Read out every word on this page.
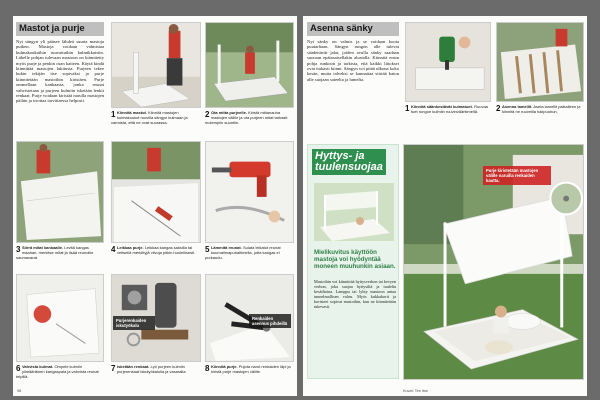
Mastot ja purje
Nyt sängyn yli pääsee lähdeä suuria mastoja putken. Mastoja voidaan valmistaa kulmakoukuihin ruuvattuihin kulmikkaisiin. Lähelle pohjan tulevaan mastoon on kiinnitetty myös purje ja penkin osan kaiteen. Käytä kindä kiinnittää mastojen lukitusta. Purjeen tekee kukin tekijän itse sopivaksi ja purje kiinnitetään mastoihin kiristäen. Purje ommellaan kankaasta, jonka reunat vahvistetaan ja purjeen kulmiin isketään lenkit renkaat. Purje voidaan kiristää narulla mastojen päihin ja irrottaa tarvittaessa helposti.
1 Kiinnitä mastot. Kiinnitä mastojen kulmakoukut ruuvilla sängyn kulmaan ja varmista, että ne ovat suorassa.
2 Ota mitta purjeelle. Kiristä mittanauha mastojen välille ja ota purjeen mitat tarkasti molempiin suuntiin.
3 Siirrä mitat kankaalle. Levitä kangas maahan, merkitse mitat ja lisää reunoille saumavarat.
4 Leikkaa purje. Leikkaa kangas saksilla tai veitsellä merkittyjä viivoja pitkin huolellisesti.	5 Lämmitä reunat. Sulata leikatut reunat kuumailmapuhaltimella, jotta kangas ei purkaudu.
Purjerenkaiden iskutyökalu
Renkaiden asennus pihdeillä
6 Vahvista kulmat. Ompele kulmiin ylimääräinen kangaspala ja vahvista reunat teipillä.
7 Isketään renkaat. Lyö purjeen kulmiin purjerenkaat iskutyökalulla ja vasaralla.	8 Kiinnitä purje. Pujota narut renkaiden läpi ja kiristä purje mastojen välille.
98
Asenna sänky
Nyt sänky on valmis ja se voidaan koota puutarhaan. Sängyn rungon alle tulevat säädettävät jalat, joiden avulla sänky saadaan suoraan epätasaisellakin alustalla. Kiinnitä ensin pohja runkoon ja tarkista, että kaikki liitokset ovat tiukasti kiinni. Sängyn voi pitää ulkona koko kesän, mutta talveksi se kannattaa siirtää katon alle suojaan sateelta ja lumelta.
1 Kiinnitä säänkestävät kulmatuet. Ruuvaa tuet rungon kulmiin ruuvinvääntimellä.	2 Asenna lamellit. Aseta lamellit paikalleen ja kiinnitä ne ruuveilla tukipuuhun.
Hyttys- ja
tuulensuojaa
Mielikuvitus käyttöön mastoja voi hyödyntää moneen muuhunkin asiaan.
Mastoihin voi kiinnittää hyttysverkon tai kevyen verhon, joka suojaa hyttysiltä ja tuulelta kesäiltoina. Lamppu tai lyhty mastoon antaa tunnelmallisen valon. Myös kukkakorit ja koristeet sopivat mastoihin, kun ne kiinnitetään tukevasti.
Purje kiristetään mastojen välille naruilla renkaiden kautta.
Kuvat: Tee Itse
